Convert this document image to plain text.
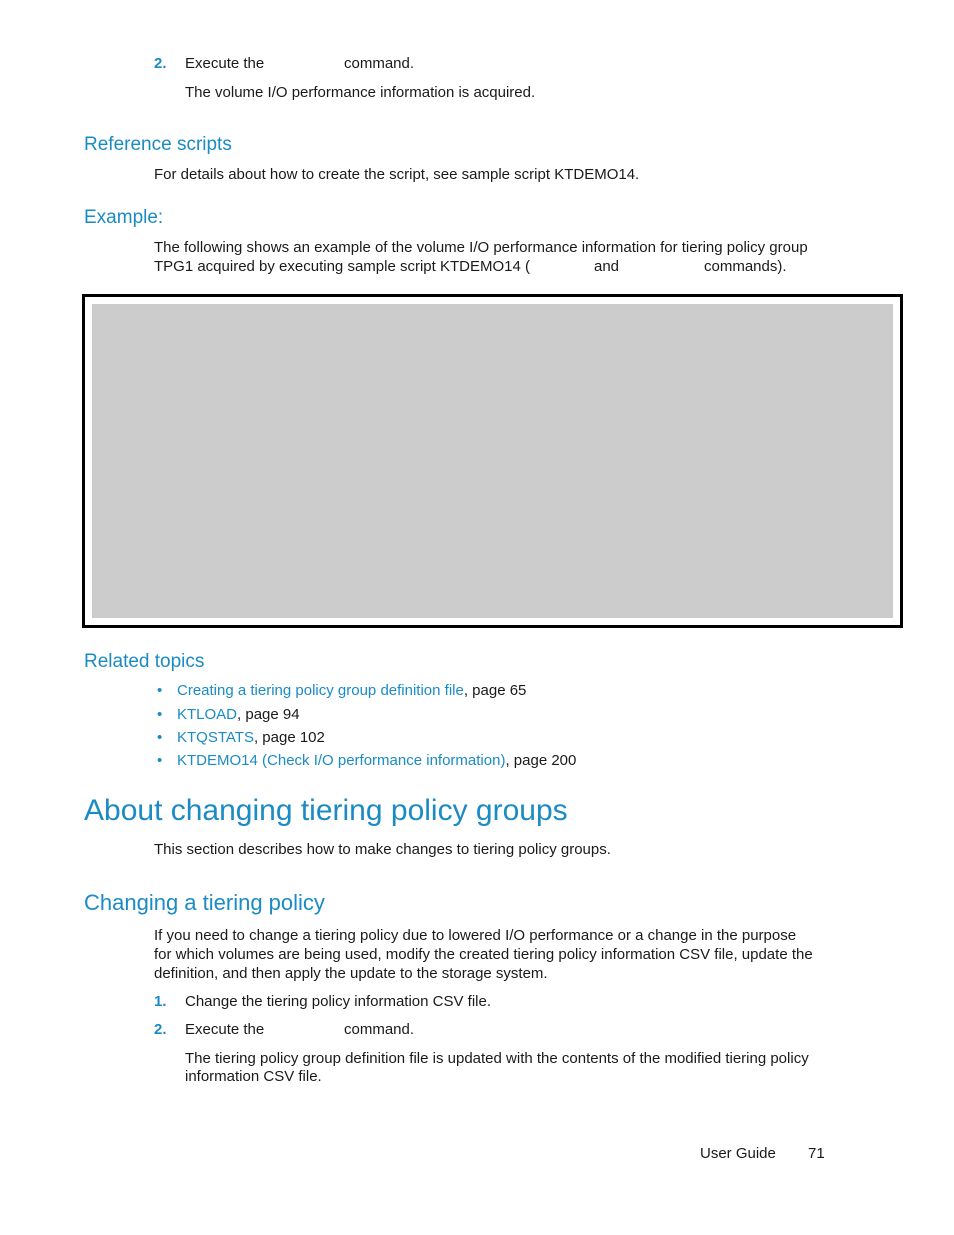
2. Execute the	command.
The volume I/O performance information is acquired.
Reference scripts
For details about how to create the script, see sample script KTDEMO14.
Example:
The following shows an example of the volume I/O performance information for tiering policy group
TPG1 acquired by executing sample script KTDEMO14 (	and	commands).
Related topics
• Creating a tiering policy group definition file, page 65
• KTLOAD, page 94
• KTQSTATS, page 102
• KTDEMO14 (Check I/O performance information), page 200
About changing tiering policy groups
This section describes how to make changes to tiering policy groups.
Changing a tiering policy
If you need to change a tiering policy due to lowered I/O performance or a change in the purpose
for which volumes are being used, modify the created tiering policy information CSV file, update the
definition, and then apply the update to the storage system.
1. Change the tiering policy information CSV file.
2. Execute the	command.
The tiering policy group definition file is updated with the contents of the modified tiering policy
information CSV file.
User Guide 71
